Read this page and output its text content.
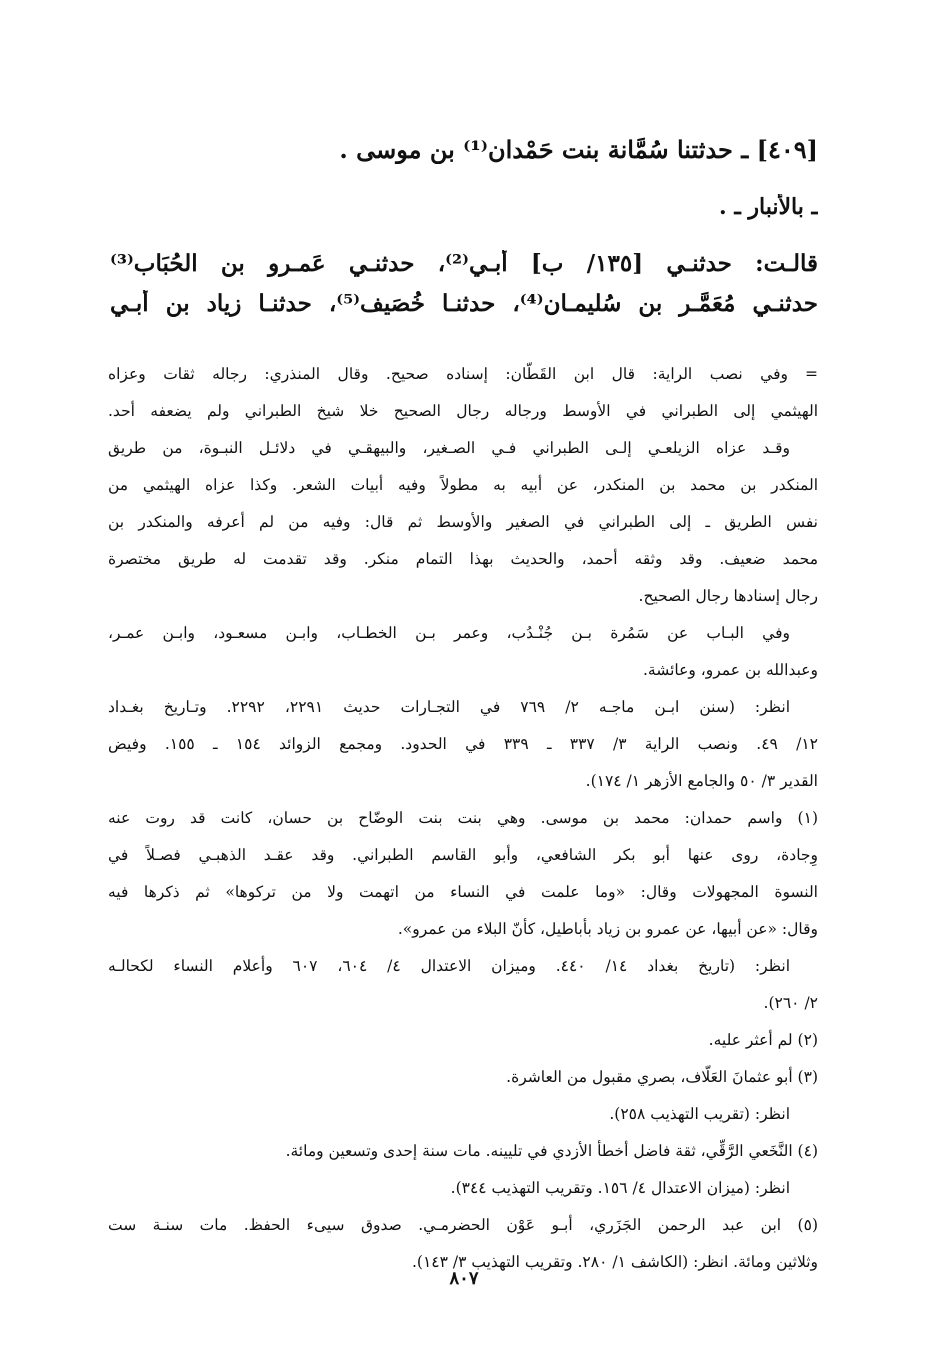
[٤٠٩] ـ حدثتنا سُمَّانة بنت حَمْدان⁽¹⁾ بن موسى .
ـ بالأنبار ـ .
قالـت: حدثنـي [١٣٥/ ب] أبـي⁽²⁾، حدثنـي عَمـرو بن الحُبَاب⁽³⁾
حدثنـي مُعَمَّـر بن سُليمـان⁽⁴⁾، حدثنـا خُصَيف⁽⁵⁾، حدثنـا زياد بن أبـي
=
وفي نصب الراية: قال ابن القَطّان: إسناده صحيح. وقال المنذري: رجاله ثقات وعزاه
الهيثمي إلى الطبراني في الأوسط ورجاله رجال الصحيح خلا شيخ الطبراني ولم يضعفه أحد.
وقـد عزاه الزيلعـي إلـى الطبراني فـي الصـغير، والبيهقـي في دلائـل النبـوة، من طريق
المنكدر بن محمد بن المنكدر، عن أبيه به مطولاً وفيه أبيات الشعر. وكذا عزاه الهيثمي من
نفس الطريق ـ إلى الطبراني في الصغير والأوسط ثم قال: وفيه من لم أعرفه والمنكدر بن
محمد ضعيف. وقد وثقه أحمد، والحديث بهذا التمام منكر. وقد تقدمت له طريق مختصرة
رجال إسنادها رجال الصحيح.
وفي البـاب عن سَمُرة بـن جُنْـدُب، وعمر بـن الخطـاب، وابـن مسعـود، وابـن عمـر،
وعبدالله بن عمرو، وعائشة.
انظر: (سنن ابـن ماجـه ٢/ ٧٦٩ في التجـارات حديث ٢٢٩١، ٢٢٩٢. وتـاريخ بغـداد
١٢/ ٤٩. ونصب الراية ٣/ ٣٣٧ ـ ٣٣٩ في الحدود. ومجمع الزوائد ١٥٤ ـ ١٥٥. وفيض
القدير ٣/ ٥٠ والجامع الأزهر ١/ ١٧٤).
(١) واسم حمدان: محمد بن موسى. وهي بنت بنت الوضّاح بن حسان، كانت قد روت عنه
وِجادة، روى عنها أبو بكر الشافعي، وأبو القاسم الطبراني. وقد عقـد الذهبـي فصـلاً في
النسوة المجهولات وقال: «وما علمت في النساء من اتهمت ولا من تركوها» ثم ذكرها فيه
وقال: «عن أبيها، عن عمرو بن زياد بأباطيل، كأنّ البلاء من عمرو».
انظر: (تاريخ بغداد ١٤/ ٤٤٠. وميزان الاعتدال ٤/ ٦٠٤، ٦٠٧ وأعلام النساء لكحالـه
٢/ ٢٦٠).
(٢) لم أعثر عليه.
(٣) أبو عثمانَ العَلّاف، بصري مقبول من العاشرة.
انظر: (تقريب التهذيب ٢٥٨).
(٤) النَّخَعي الرَّقِّي، ثقة فاضل أخطأ الأزدي في تليينه. مات سنة إحدى وتسعين ومائة.
انظر: (ميزان الاعتدال ٤/ ١٥٦. وتقريب التهذيب ٣٤٤).
(٥) ابن عبد الرحمن الجَزَري، أبـو عَوْن الحضرمـي. صدوق سيىء الحفظ. مات سنـة ست
وثلاثين ومائة. انظر: (الكاشف ١/ ٢٨٠. وتقريب التهذيب ٣/ ١٤٣).
٨٠٧
